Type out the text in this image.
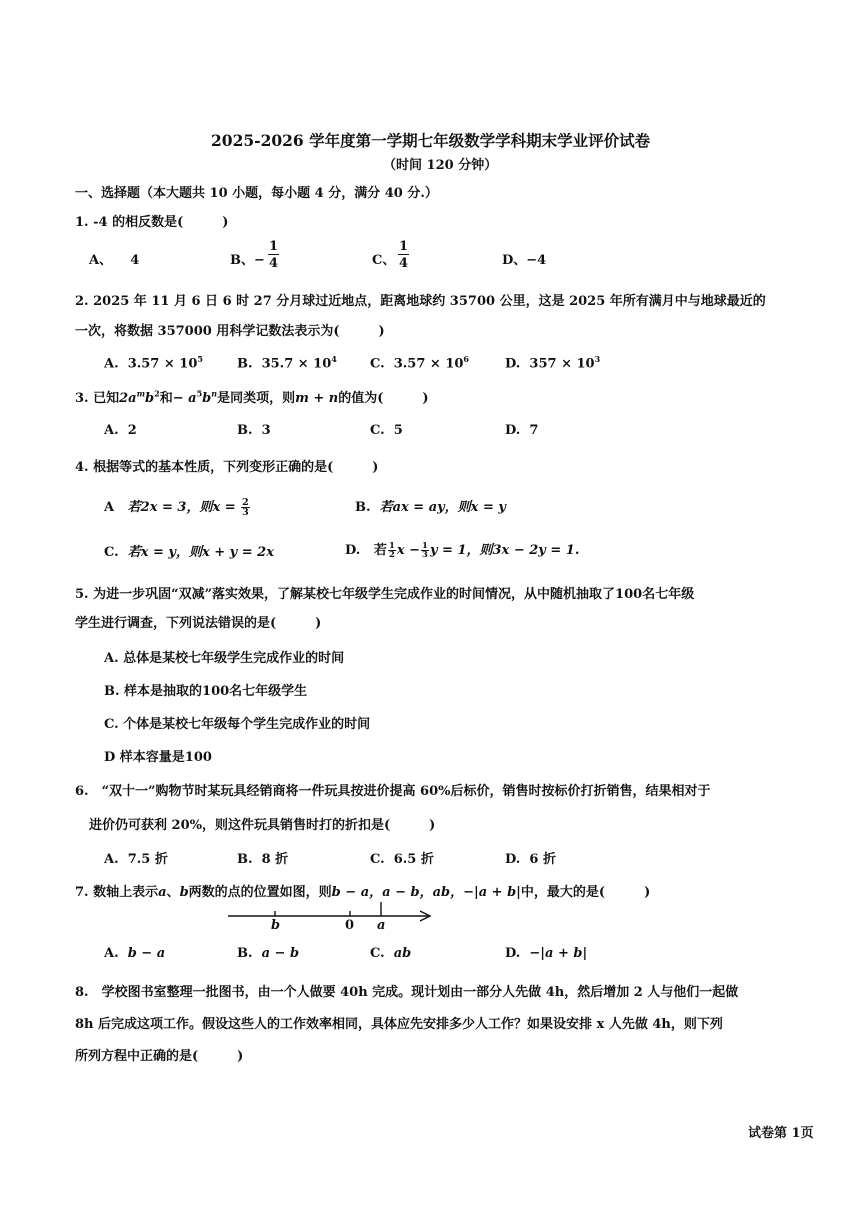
2025-2026 学年度第一学期七年级数学学科期末学业评价试卷
（时间 120 分钟）
一、选择题（本大题共 10 小题，每小题 4 分，满分 40 分.）
1. -4 的相反数是(　　　)
A、 4	B、− $\frac{1}{4}$	C、 $\frac{1}{4}$	D、−4
2. 2025 年 11 月 6 日 6 时 27 分月球过近地点，距离地球约 35700 公里，这是 2025 年所有满月中与地球最近的
一次，将数据 357000 用科学记数法表示为(　　　)
A. $3.57 \times 10^5$	B. $35.7 \times 10^4$	C. $3.57 \times 10^6$	D. $357 \times 10^3$
3. 已知$2a^mb^2$和− $a^5b^n$是同类项，则m + n的值为(　　　)
A. 2	B. 3	C. 5	D. 7
4. 根据等式的基本性质，下列变形正确的是(　　　)
A 若2x = 3，则$x = \frac{2}{3}$	B. 若ax = ay，则x = y
C. 若x = y，则x + y = 2x	D. 若 $\frac{1}{2}$ $x - \frac{1}{3}$ y = 1，则3x − 2y = 1.
5. 为进一步巩固“双减”落实效果，了解某校七年级学生完成作业的时间情况，从中随机抽取了100名七年级
学生进行调查，下列说法错误的是(　　　)
A. 总体是某校七年级学生完成作业的时间
B. 样本是抽取的100名七年级学生
C. 个体是某校七年级每个学生完成作业的时间
D 样本容量是100
6.　“双十一”购物节时某玩具经销商将一件玩具按进价提高 60%后标价，销售时按标价打折销售，结果相对于
进价仍可获利 20%，则这件玩具销售时打的折扣是(　　　)
A. 7.5 折	B. 8 折	C. 6.5 折	D. 6 折
7. 数轴上表示a、b两数的点的位置如图，则b − a，a − b，ab，−|a + b|中，最大的是(　　　)
b	0 a
A. b − a	B. a − b	C. ab	D. −|a + b|
8.　学校图书室整理一批图书，由一个人做要 40h 完成。现计划由一部分人先做 4h，然后增加 2 人与他们一起做
8h 后完成这项工作。假设这些人的工作效率相同，具体应先安排多少人工作？如果设安排 x 人先做 4h，则下列
所列方程中正确的是(　　　)
试卷第 1页
